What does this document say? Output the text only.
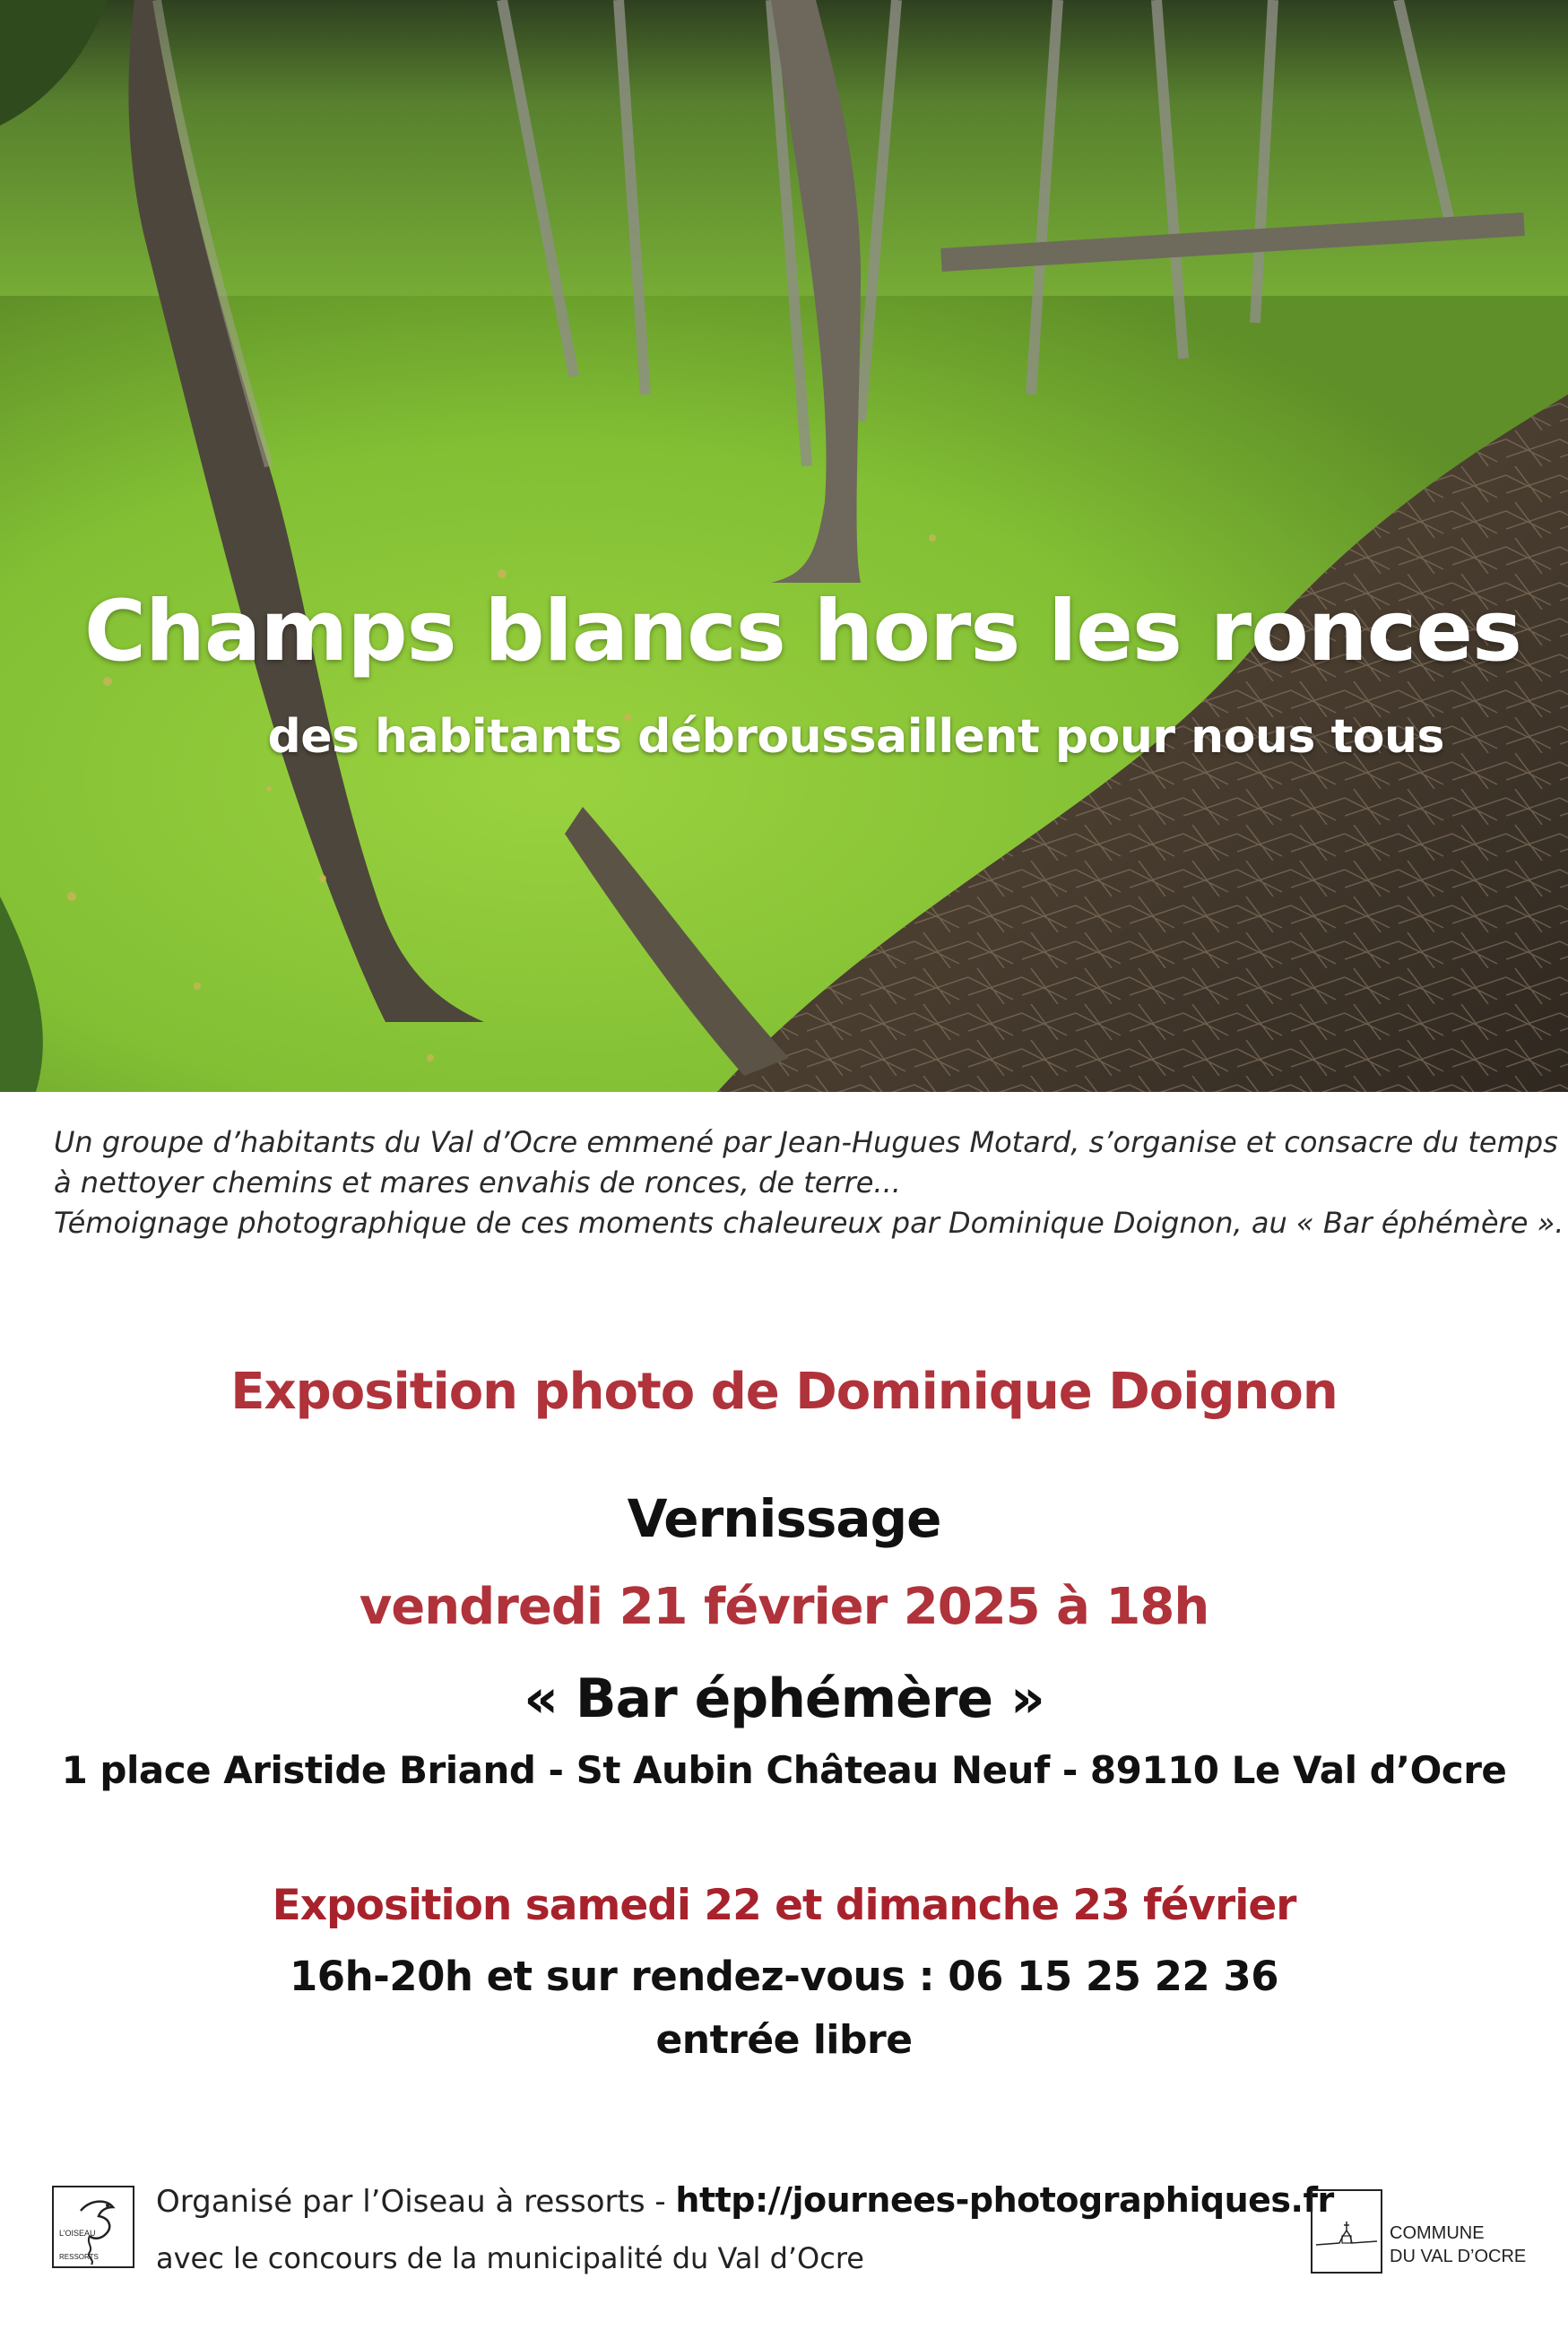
Champs blancs hors les ronces
des habitants débroussaillent pour nous tous

Un groupe d’habitants du Val d’Ocre emmené par Jean-Hugues Motard, s’organise et consacre du temps

à nettoyer chemins et mares envahis de ronces, de terre...

Témoignage photographique de ces moments chaleureux par Dominique Doignon, au « Bar éphémère ».

Exposition photo de Dominique Doignon
Vernissage
vendredi 21 février 2025 à 18h
« Bar éphémère »
1 place Aristide Briand - St Aubin Château Neuf - 89110 Le Val d’Ocre
Exposition samedi 22 et dimanche 23 février
16h-20h et sur rendez-vous : 06 15 25 22 36
entrée libre
L’OISEAU
RESSORTS
Organisé par l’Oiseau à ressorts - http://journees-photographiques.fr
avec le concours de la municipalité du Val d’Ocre
COMMUNE
DU VAL D’OCRE
